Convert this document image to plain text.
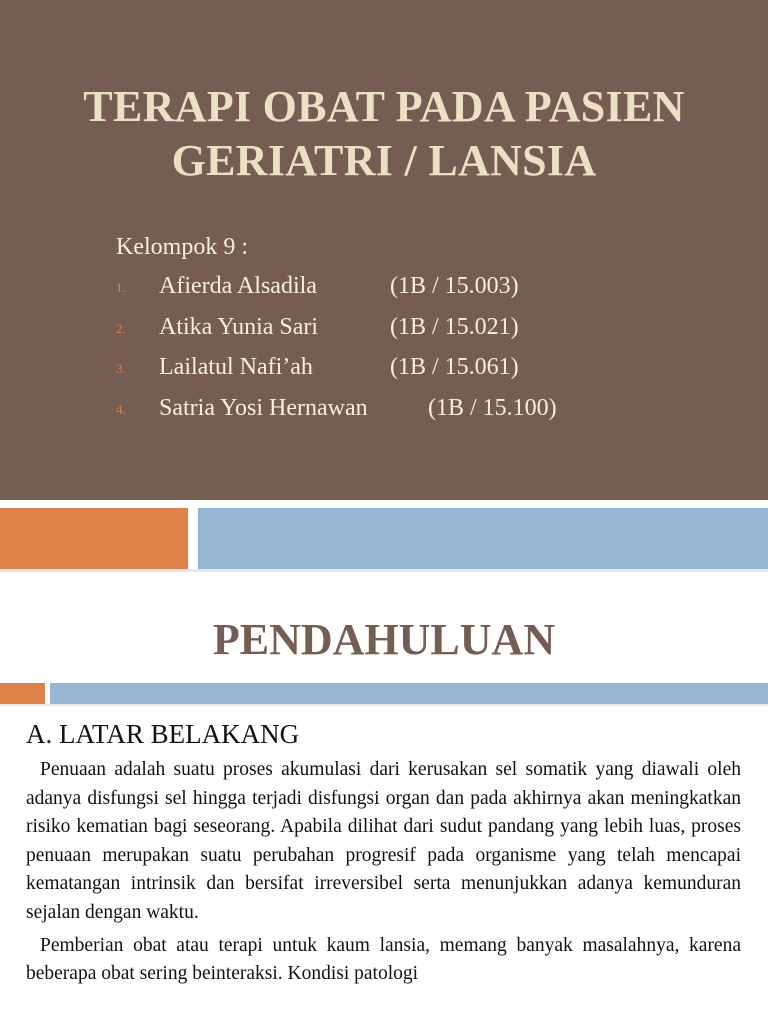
TERAPI OBAT PADA PASIEN
GERIATRI / LANSIA
Kelompok 9 :
1. Afierda Alsadila	(1B / 15.003)
2. Atika Yunia Sari	(1B / 15.021)
3. Lailatul Nafi’ah	(1B / 15.061)
4. Satria Yosi Hernawan	(1B / 15.100)
PENDAHULUAN
A. LATAR BELAKANG

Penuaan adalah suatu proses akumulasi dari kerusakan sel somatik yang diawali oleh adanya disfungsi sel hingga terjadi disfungsi organ dan pada akhirnya akan meningkatkan risiko kematian bagi seseorang. Apabila dilihat dari sudut pandang yang lebih luas, proses penuaan merupakan suatu perubahan progresif pada organisme yang telah mencapai kematangan intrinsik dan bersifat irreversibel serta menunjukkan adanya kemunduran sejalan dengan waktu.

Pemberian obat atau terapi untuk kaum lansia, memang banyak masalahnya, karena beberapa obat sering beinteraksi. Kondisi patologi
